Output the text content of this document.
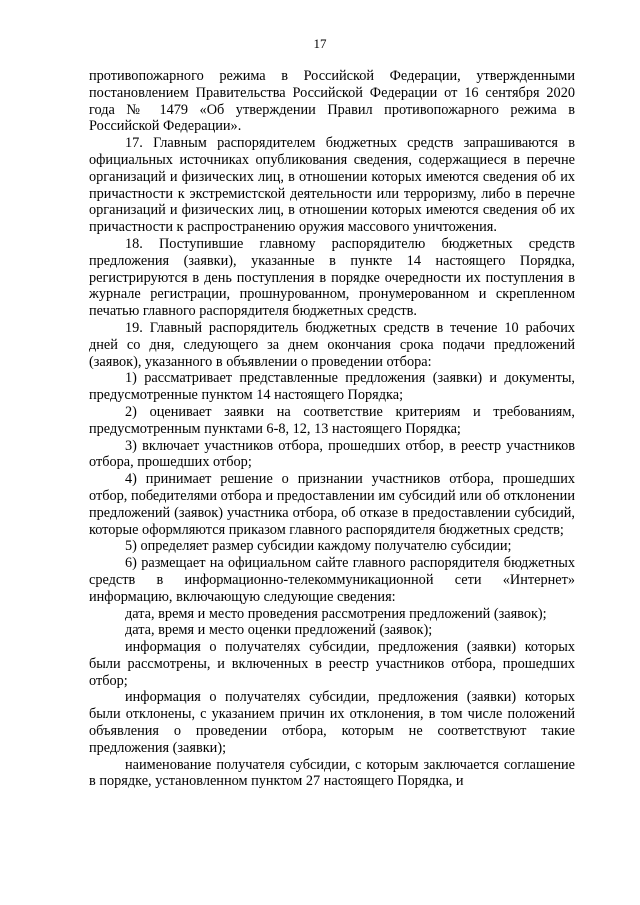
17

противопожарного режима в Российской Федерации, утвержденными постановлением Правительства Российской Федерации от 16 сентября 2020 года № 1479 «Об утверждении Правил противопожарного режима в Российской Федерации».

17. Главным распорядителем бюджетных средств запрашиваются в официальных источниках опубликования сведения, содержащиеся в перечне организаций и физических лиц, в отношении которых имеются сведения об их причастности к экстремистской деятельности или терроризму, либо в перечне организаций и физических лиц, в отношении которых имеются сведения об их причастности к распространению оружия массового уничтожения.

18. Поступившие главному распорядителю бюджетных средств предложения (заявки), указанные в пункте 14 настоящего Порядка, регистрируются в день поступления в порядке очередности их поступления в журнале регистрации, прошнурованном, пронумерованном и скрепленном печатью главного распорядителя бюджетных средств.

19. Главный распорядитель бюджетных средств в течение 10 рабочих дней со дня, следующего за днем окончания срока подачи предложений (заявок), указанного в объявлении о проведении отбора:

1) рассматривает представленные предложения (заявки) и документы, предусмотренные пунктом 14 настоящего Порядка;

2) оценивает заявки на соответствие критериям и требованиям, предусмотренным пунктами 6-8, 12, 13 настоящего Порядка;

3) включает участников отбора, прошедших отбор, в реестр участников отбора, прошедших отбор;

4) принимает решение о признании участников отбора, прошедших отбор, победителями отбора и предоставлении им субсидий или об отклонении предложений (заявок) участника отбора, об отказе в предоставлении субсидий, которые оформляются приказом главного распорядителя бюджетных средств;

5) определяет размер субсидии каждому получателю субсидии;

6) размещает на официальном сайте главного распорядителя бюджетных средств в информационно-телекоммуникационной сети «Интернет» информацию, включающую следующие сведения:

дата, время и место проведения рассмотрения предложений (заявок);

дата, время и место оценки предложений (заявок);

информация о получателях субсидии, предложения (заявки) которых были рассмотрены, и включенных в реестр участников отбора, прошедших отбор;

информация о получателях субсидии, предложения (заявки) которых были отклонены, с указанием причин их отклонения, в том числе положений объявления о проведении отбора, которым не соответствуют такие предложения (заявки);

наименование получателя субсидии, с которым заключается соглашение в порядке, установленном пунктом 27 настоящего Порядка, и
